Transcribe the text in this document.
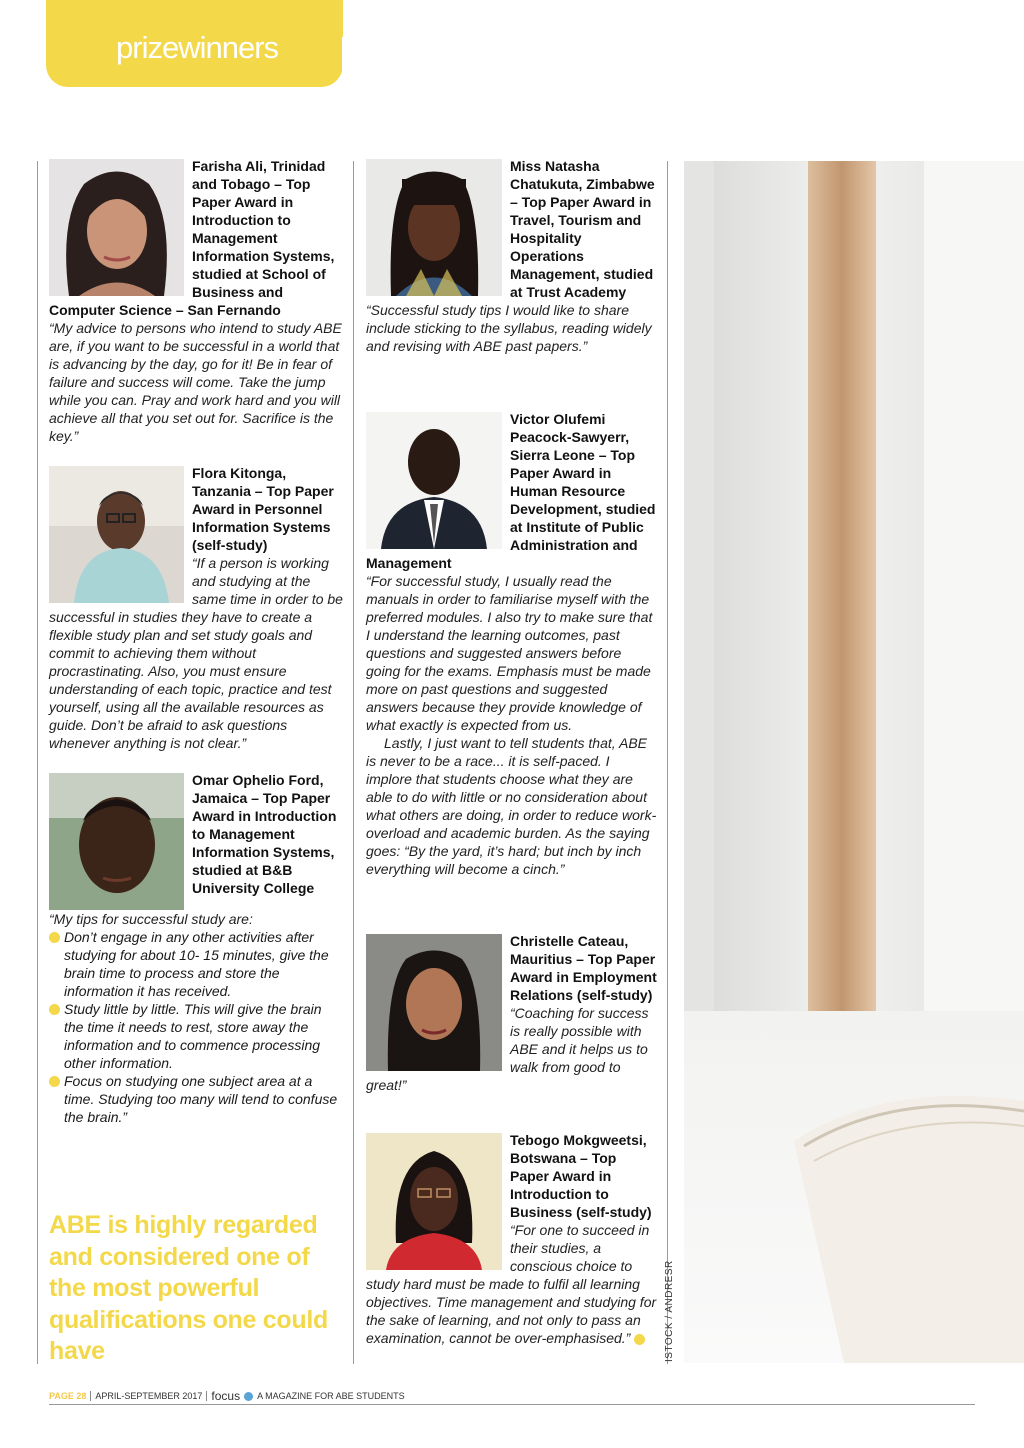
prizewinners
Farisha Ali, Trinidad and Tobago – Top Paper Award in Introduction to Management Information Systems, studied at School of Business and Computer Science – San Fernando
“My advice to persons who intend to study ABE are, if you want to be successful in a world that is advancing by the day, go for it! Be in fear of failure and success will come. Take the jump while you can. Pray and work hard and you will achieve all that you set out for. Sacrifice is the key.”
Flora Kitonga, Tanzania – Top Paper Award in Personnel Information Systems (self-study)
“If a person is working and studying at the same time in order to be successful in studies they have to create a flexible study plan and set study goals and commit to achieving them without procrastinating. Also, you must ensure understanding of each topic, practice and test yourself, using all the available resources as guide. Don’t be afraid to ask questions whenever anything is not clear.”
Omar Ophelio Ford, Jamaica – Top Paper Award in Introduction to Management Information Systems, studied at B&B University College
“My tips for successful study are:
Don’t engage in any other activities after studying for about 10- 15 minutes, give the brain time to process and store the information it has received.
Study little by little. This will give the brain the time it needs to rest, store away the information and to commence processing other information.
Focus on studying one subject area at a time. Studying too many will tend to confuse the brain.”
ABE is highly regarded and considered one of the most powerful qualifications one could have
Miss Natasha Chatukuta, Zimbabwe – Top Paper Award in Travel, Tourism and Hospitality Operations Management, studied at Trust Academy
“Successful study tips I would like to share include sticking to the syllabus, reading widely and revising with ABE past papers.”
Victor Olufemi Peacock-Sawyerr, Sierra Leone – Top Paper Award in Human Resource Development, studied at Institute of Public Administration and Management

“For successful study, I usually read the manuals in order to familiarise myself with the preferred modules. I also try to make sure that I understand the learning outcomes, past questions and suggested answers before going for the exams. Emphasis must be made more on past questions and suggested answers because they provide knowledge of what exactly is expected from us.

Lastly, I just want to tell students that, ABE is never to be a race... it is self-paced. I implore that students choose what they are able to do with little or no consideration about what others are doing, in order to reduce work-overload and academic burden. As the saying goes: “By the yard, it’s hard; but inch by inch everything will become a cinch.”

Christelle Cateau, Mauritius – Top Paper Award in Employment Relations (self-study)
“Coaching for success is really possible with ABE and it helps us to walk from good to great!”
Tebogo Mokgweetsi, Botswana – Top Paper Award in Introduction to Business (self-study)
“For one to succeed in their studies, a conscious choice to study hard must be made to fulfil all learning objectives. Time management and studying for the sake of learning, and not only to pass an examination, cannot be over-emphasised.”	ISTOCK / ANDRESR
PAGE 28 APRIL-SEPTEMBER 2017 focus A MAGAZINE FOR ABE STUDENTS
